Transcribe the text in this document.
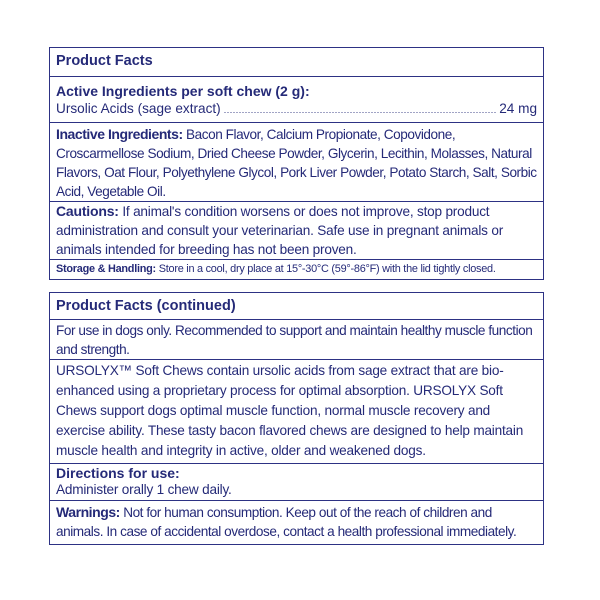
Product Facts
Active Ingredients per soft chew (2 g):
Ursolic Acids (sage extract)
.....	24 mg

Inactive Ingredients: Bacon Flavor, Calcium Propionate, Copovidone, Croscarmellose Sodium, Dried Cheese Powder, Glycerin, Lecithin, Molasses, Natural Flavors, Oat Flour, Polyethylene Glycol, Pork Liver Powder, Potato Starch, Salt, Sorbic Acid, Vegetable Oil.

Cautions: If animal's condition worsens or does not improve, stop product administration and consult your veterinarian. Safe use in pregnant animals or animals intended for breeding has not been proven.

Storage & Handling: Store in a cool, dry place at 15°-30°C (59°-86°F) with the lid tightly closed.

Product Facts (continued)

For use in dogs only. Recommended to support and maintain healthy muscle function and strength.

URSOLYX™ Soft Chews contain ursolic acids from sage extract that are bio-enhanced using a proprietary process for optimal absorption. URSOLYX Soft Chews support dogs optimal muscle function, normal muscle recovery and exercise ability. These tasty bacon flavored chews are designed to help maintain muscle health and integrity in active, older and weakened dogs.

Directions for use:

Administer orally 1 chew daily.

Warnings: Not for human consumption. Keep out of the reach of children and animals. In case of accidental overdose, contact a health professional immediately.
